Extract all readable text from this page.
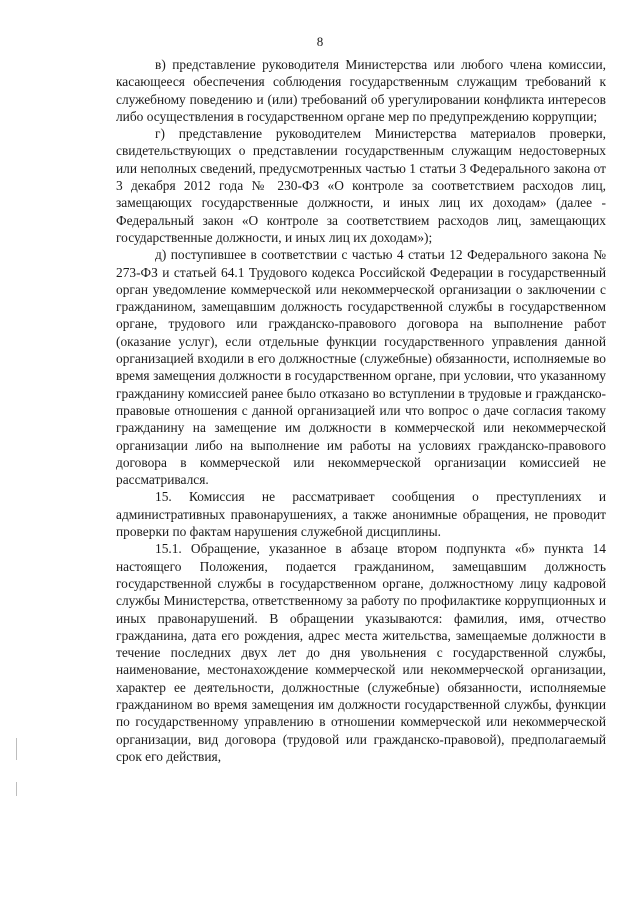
8

в) представление руководителя Министерства или любого члена комиссии, касающееся обеспечения соблюдения государственным служащим требований к служебному поведению и (или) требований об урегулировании конфликта интересов либо осуществления в государственном органе мер по предупреждению коррупции;

г) представление руководителем Министерства материалов проверки, свидетельствующих о представлении государственным служащим недостоверных или неполных сведений, предусмотренных частью 1 статьи 3 Федерального закона от 3 декабря 2012 года № 230-ФЗ «О контроле за соответствием расходов лиц, замещающих государственные должности, и иных лиц их доходам» (далее - Федеральный закон «О контроле за соответствием расходов лиц, замещающих государственные должности, и иных лиц их доходам»);

д) поступившее в соответствии с частью 4 статьи 12 Федерального закона № 273-ФЗ и статьей 64.1 Трудового кодекса Российской Федерации в государственный орган уведомление коммерческой или некоммерческой организации о заключении с гражданином, замещавшим должность государственной службы в государственном органе, трудового или гражданско-правового договора на выполнение работ (оказание услуг), если отдельные функции государственного управления данной организацией входили в его должностные (служебные) обязанности, исполняемые во время замещения должности в государственном органе, при условии, что указанному гражданину комиссией ранее было отказано во вступлении в трудовые и гражданско-правовые отношения с данной организацией или что вопрос о даче согласия такому гражданину на замещение им должности в коммерческой или некоммерческой организации либо на выполнение им работы на условиях гражданско-правового договора в коммерческой или некоммерческой организации комиссией не рассматривался.

15. Комиссия не рассматривает сообщения о преступлениях и административных правонарушениях, а также анонимные обращения, не проводит проверки по фактам нарушения служебной дисциплины.

15.1. Обращение, указанное в абзаце втором подпункта «б» пункта 14 настоящего Положения, подается гражданином, замещавшим должность государственной службы в государственном органе, должностному лицу кадровой службы Министерства, ответственному за работу по профилактике коррупционных и иных правонарушений. В обращении указываются: фамилия, имя, отчество гражданина, дата его рождения, адрес места жительства, замещаемые должности в течение последних двух лет до дня увольнения с государственной службы, наименование, местонахождение коммерческой или некоммерческой организации, характер ее деятельности, должностные (служебные) обязанности, исполняемые гражданином во время замещения им должности государственной службы, функции по государственному управлению в отношении коммерческой или некоммерческой организации, вид договора (трудовой или гражданско-правовой), предполагаемый срок его действия,
